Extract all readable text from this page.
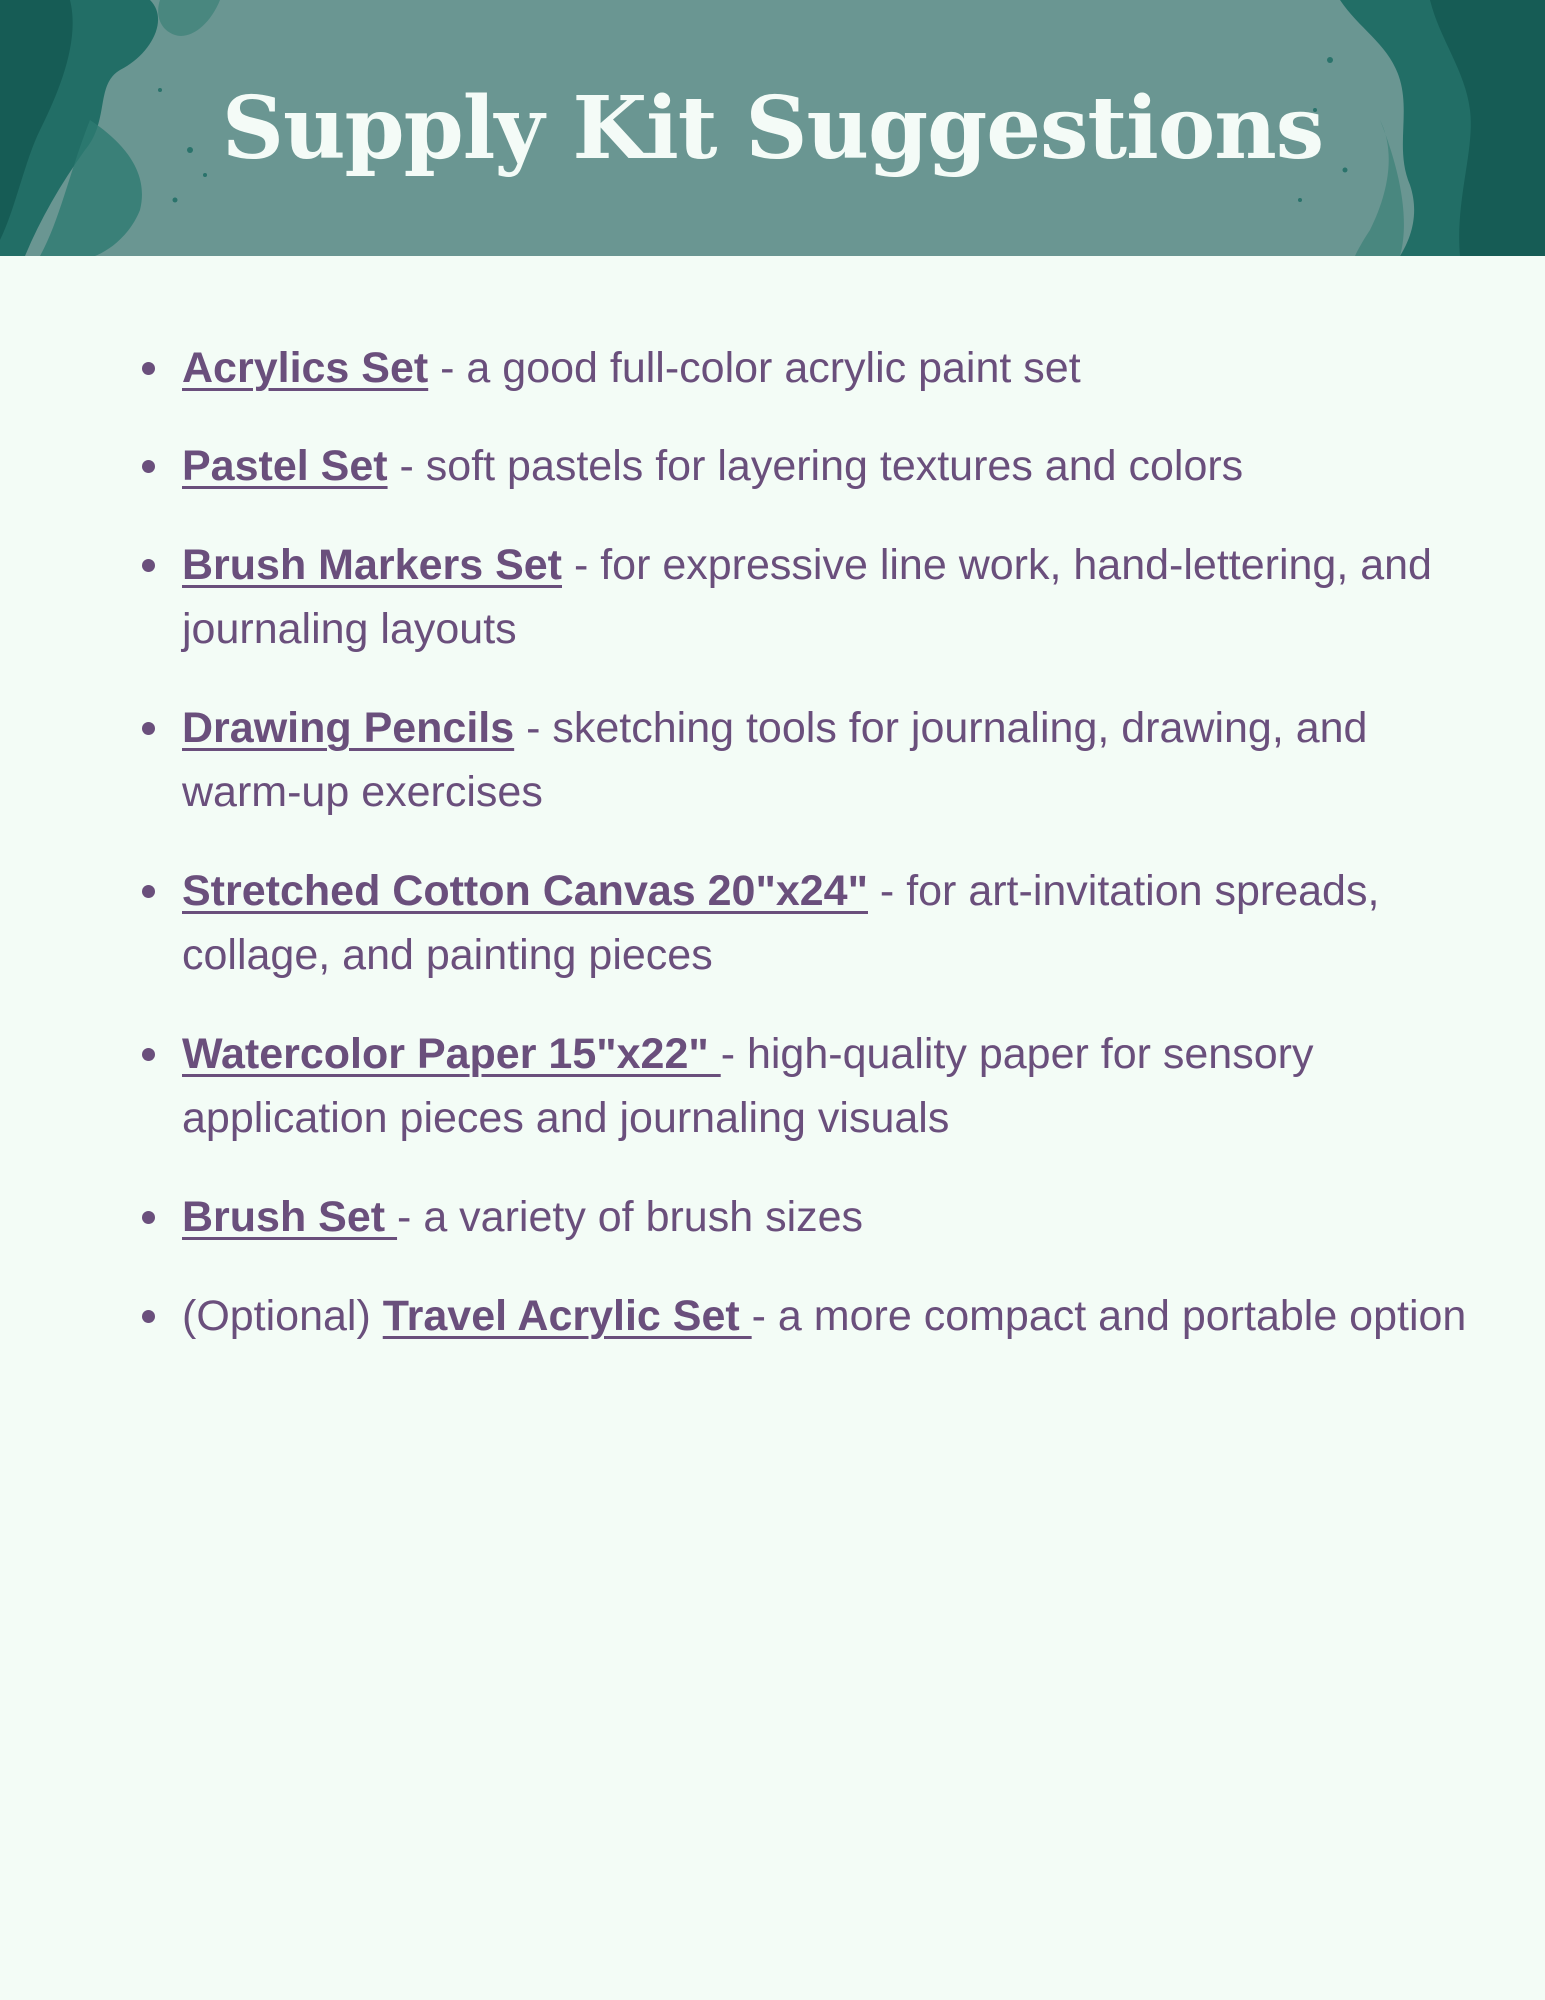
Supply Kit Suggestions
Acrylics Set - a good full-color acrylic paint set
Pastel Set - soft pastels for layering textures and colors
Brush Markers Set - for expressive line work, hand-lettering, and journaling layouts
Drawing Pencils - sketching tools for journaling, drawing, and warm-up exercises
Stretched Cotton Canvas 20"x24" - for art-invitation spreads, collage, and painting pieces
Watercolor Paper 15"x22" - high-quality paper for sensory application pieces and journaling visuals
Brush Set - a variety of brush sizes
(Optional) Travel Acrylic Set - a more compact and portable option
